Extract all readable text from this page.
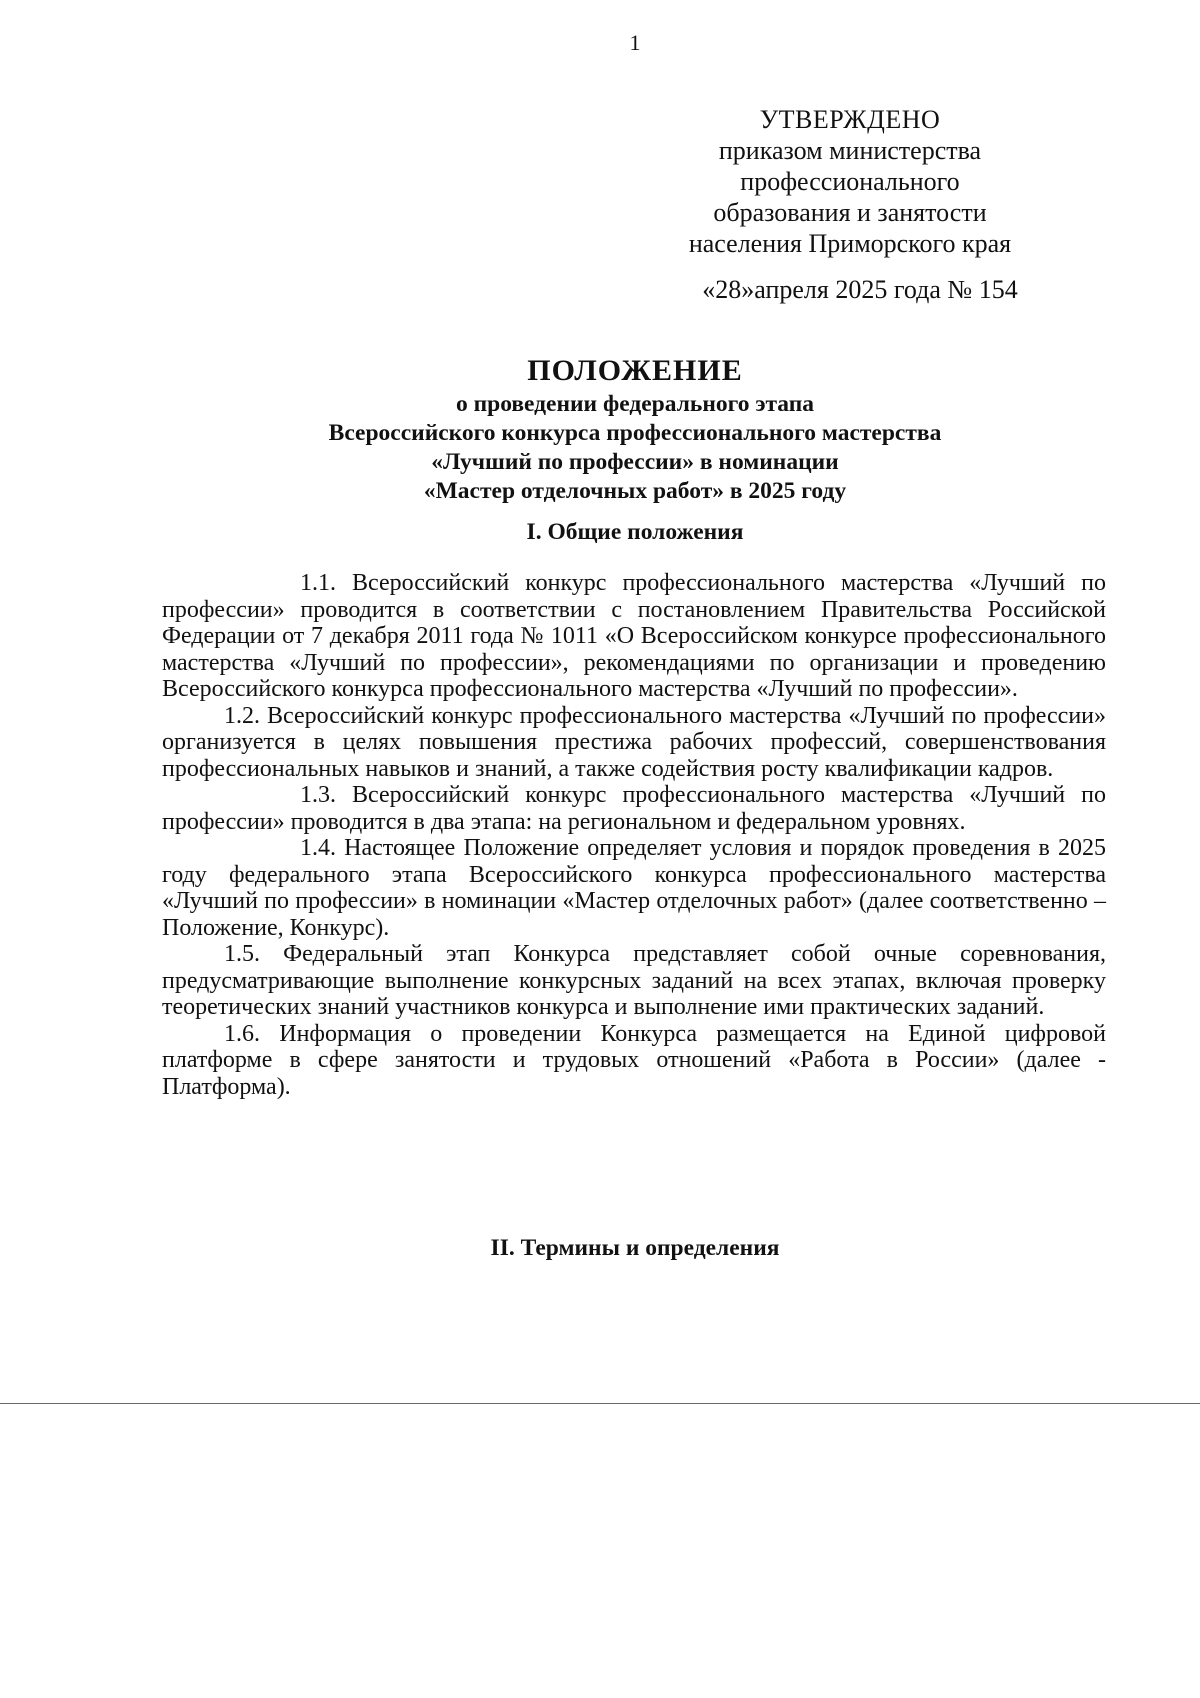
1
УТВЕРЖДЕНО
приказом министерства
профессионального
образования и занятости
населения Приморского края
«28»апреля 2025 года № 154
ПОЛОЖЕНИЕ
о проведении федерального этапа
Всероссийского конкурса профессионального мастерства
«Лучший по профессии» в номинации
«Мастер отделочных работ» в 2025 году
I. Общие положения

1.1. Всероссийский конкурс профессионального мастерства «Лучший по профессии» проводится в соответствии с постановлением Правительства Российской Федерации от 7 декабря 2011 года № 1011 «О Всероссийском конкурсе профессионального мастерства «Лучший по профессии», рекомендациями по организации и проведению Всероссийского конкурса профессионального мастерства «Лучший по профессии».

1.2. Всероссийский конкурс профессионального мастерства «Лучший по профессии» организуется в целях повышения престижа рабочих профессий, совершенствования профессиональных навыков и знаний, а также содействия росту квалификации кадров.

1.3. Всероссийский конкурс профессионального мастерства «Лучший по профессии» проводится в два этапа: на региональном и федеральном уровнях.

1.4. Настоящее Положение определяет условия и порядок проведения в 2025 году федерального этапа Всероссийского конкурса профессионального мастерства «Лучший по профессии» в номинации «Мастер отделочных работ» (далее соответственно – Положение, Конкурс).

1.5. Федеральный этап Конкурса представляет собой очные соревнования, предусматривающие выполнение конкурсных заданий на всех этапах, включая проверку теоретических знаний участников конкурса и выполнение ими практических заданий.

1.6. Информация о проведении Конкурса размещается на Единой цифровой платформе в сфере занятости и трудовых отношений «Работа в России» (далее - Платформа).

II. Термины и определения
